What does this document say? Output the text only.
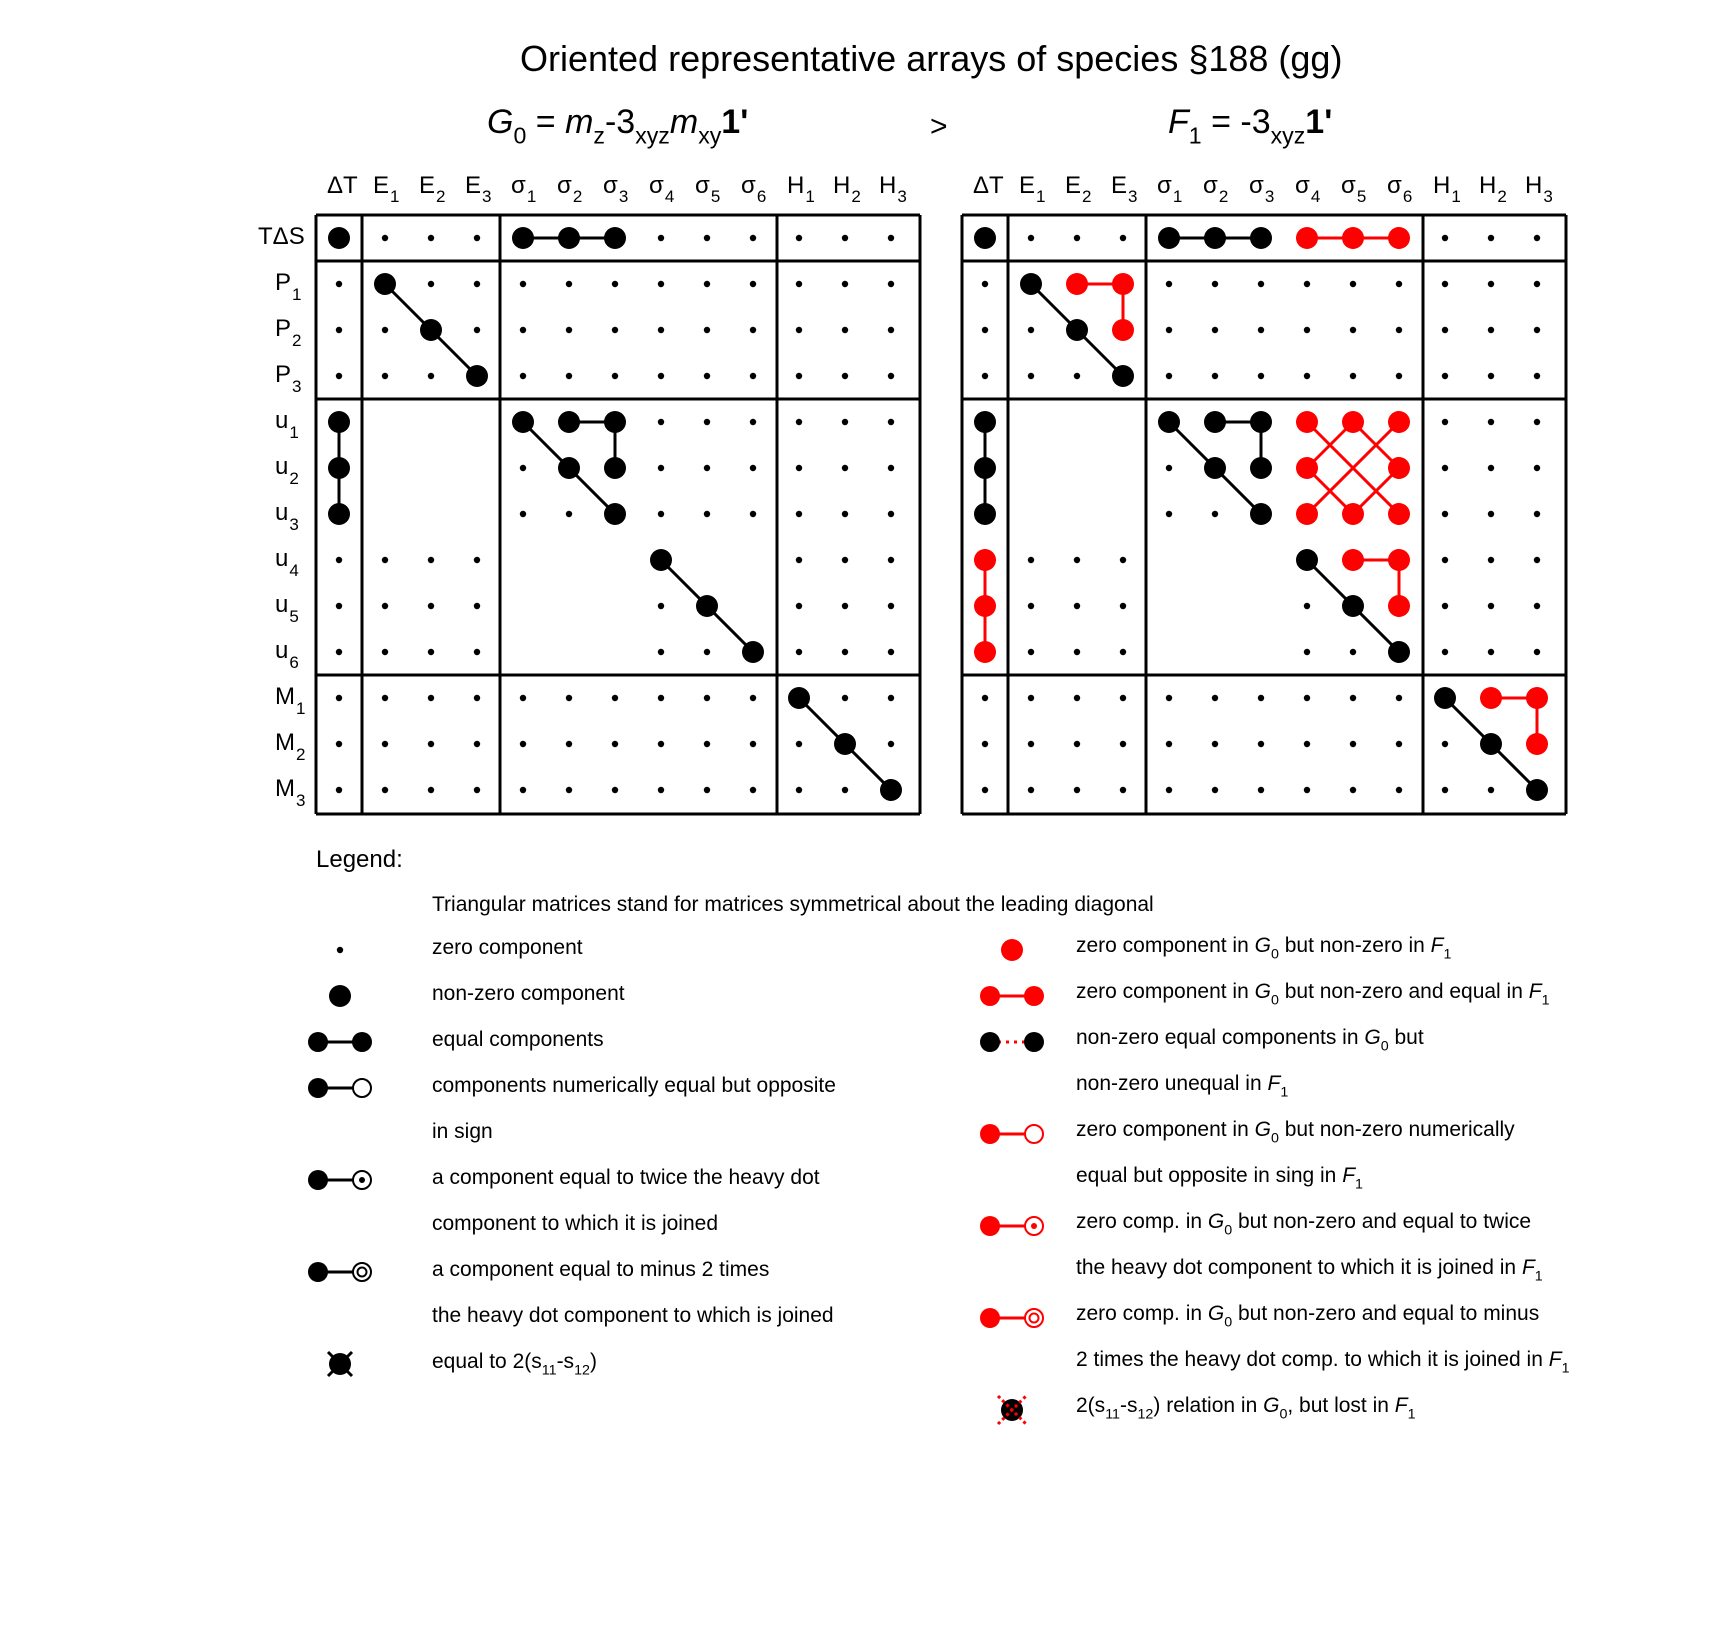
Oriented representative arrays of species §188 (gg)
$G_0 = m_z-3_{xyz}m_{xy}1'$	>	$F_1 = -3_{xyz}1'$
ΔT $E_1$ $E_2$ $E_3$ $\sigma_1$ $\sigma_2$ $\sigma_3$ $\sigma_4$ $\sigma_5$ $\sigma_6$ $H_1$ $H_2$ $H_3$
TΔS
$P_1$
$P_2$
$P_3$
$u_1$
$u_2$
$u_3$
$u_4$
$u_5$
$u_6$
$M_1$
$M_2$
$M_3$
ΔT $E_1$ $E_2$ $E_3$ $\sigma_1$ $\sigma_2$ $\sigma_3$ $\sigma_4$ $\sigma_5$ $\sigma_6$ $H_1$ $H_2$ $H_3$
Legend:
Triangular matrices stand for matrices symmetrical about the leading diagonal
zero component
non-zero component
equal components
components numerically equal but opposite
in sign
a component equal to twice the heavy dot
component to which it is joined
a component equal to minus 2 times
the heavy dot component to which is joined
equal to $2(s_{11}-s_{12})$
zero component in $G_0$ but non-zero in $F_1$
zero component in $G_0$ but non-zero and equal in $F_1$
non-zero equal components in $G_0$ but
non-zero unequal in $F_1$
zero component in $G_0$ but non-zero numerically
equal but opposite in sing in $F_1$
zero comp. in $G_0$ but non-zero and equal to twice
the heavy dot component to which it is joined in $F_1$
zero comp. in $G_0$ but non-zero and equal to minus
2 times the heavy dot comp. to which it is joined in $F_1$
$2(s_{11}-s_{12})$ relation in $G_0$, but lost in $F_1$
